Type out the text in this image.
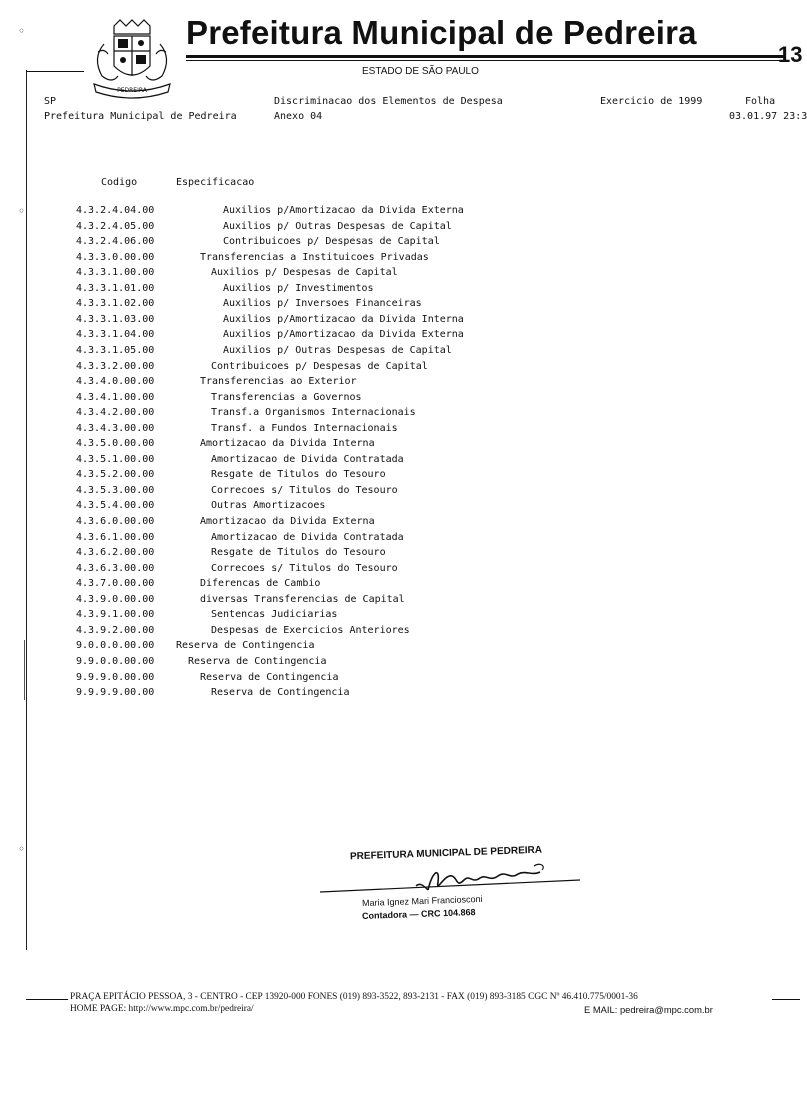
◦
◦
◦
PEDREIRA
Prefeitura Municipal de Pedreira
13
ESTADO DE SÃO PAULO
SP
Prefeitura Municipal de Pedreira
Discriminacao dos Elementos de Despesa
Anexo 04
Exercicio de 1999	Folha
03.01.97 23:3
Codigo	Especificacao
4.3.2.4.04.00	Auxilios p/Amortizacao da Divida Externa
4.3.2.4.05.00	Auxilios p/ Outras Despesas de Capital
4.3.2.4.06.00	Contribuicoes p/ Despesas de Capital
4.3.3.0.00.00	Transferencias a Instituicoes Privadas
4.3.3.1.00.00	Auxilios p/ Despesas de Capital
4.3.3.1.01.00	Auxilios p/ Investimentos
4.3.3.1.02.00	Auxilios p/ Inversoes Financeiras
4.3.3.1.03.00	Auxilios p/Amortizacao da Divida Interna
4.3.3.1.04.00	Auxilios p/Amortizacao da Divida Externa
4.3.3.1.05.00	Auxilios p/ Outras Despesas de Capital
4.3.3.2.00.00	Contribuicoes p/ Despesas de Capital
4.3.4.0.00.00	Transferencias ao Exterior
4.3.4.1.00.00	Transferencias a Governos
4.3.4.2.00.00	Transf.a Organismos Internacionais
4.3.4.3.00.00	Transf. a Fundos Internacionais
4.3.5.0.00.00	Amortizacao da Divida Interna
4.3.5.1.00.00	Amortizacao de Divida Contratada
4.3.5.2.00.00	Resgate de Titulos do Tesouro
4.3.5.3.00.00	Correcoes s/ Titulos do Tesouro
4.3.5.4.00.00	Outras Amortizacoes
4.3.6.0.00.00	Amortizacao da Divida Externa
4.3.6.1.00.00	Amortizacao de Divida Contratada
4.3.6.2.00.00	Resgate de Titulos do Tesouro
4.3.6.3.00.00	Correcoes s/ Titulos do Tesouro
4.3.7.0.00.00	Diferencas de Cambio
4.3.9.0.00.00	diversas Transferencias de Capital
4.3.9.1.00.00	Sentencas Judiciarias
4.3.9.2.00.00	Despesas de Exercicios Anteriores
9.0.0.0.00.00 Reserva de Contingencia
9.9.0.0.00.00	Reserva de Contingencia
9.9.9.0.00.00	Reserva de Contingencia
9.9.9.9.00.00	Reserva de Contingencia
PREFEITURA MUNICIPAL DE PEDREIRA
Maria Ignez Mari Franciosconi
Contadora — CRC 104.868
PRAÇA EPITÁCIO PESSOA, 3 - CENTRO - CEP 13920-000 FONES (019) 893-3522, 893-2131 - FAX (019) 893-3185 CGC Nº 46.410.775/0001-36
HOME PAGE: http://www.mpc.com.br/pedreira/	E MAIL: pedreira@mpc.com.br
